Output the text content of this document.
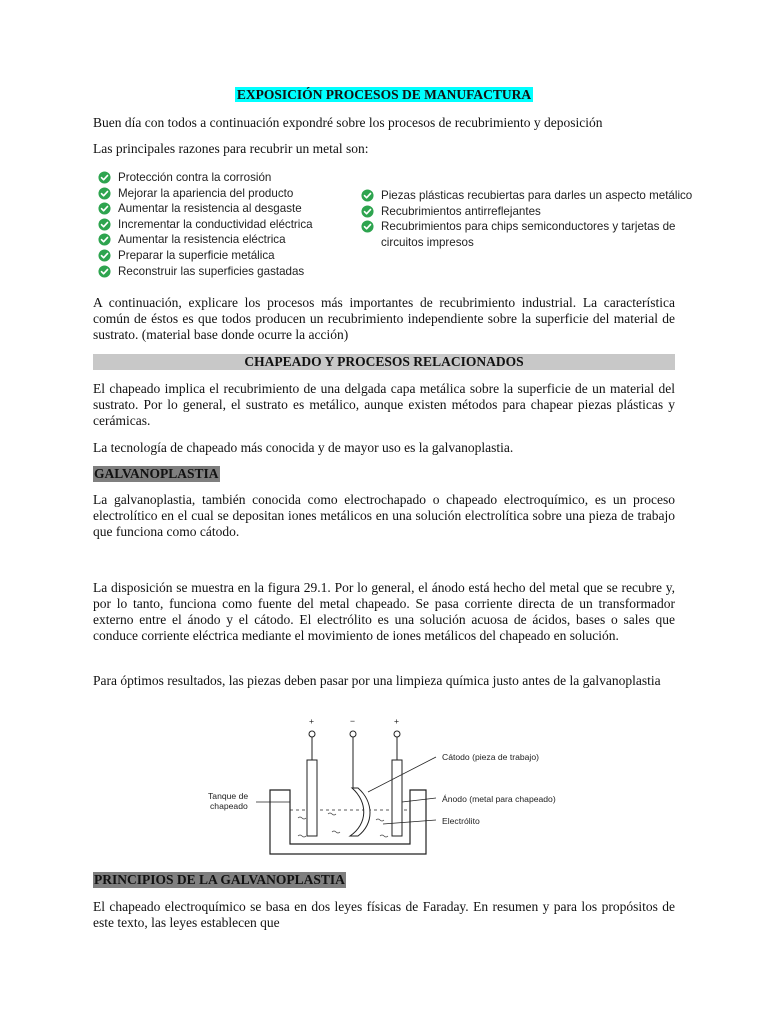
EXPOSICIÓN PROCESOS DE MANUFACTURA

Buen día con todos a continuación expondré sobre los procesos de recubrimiento y deposición

Las principales razones para recubrir un metal son:

Protección contra la corrosión
Mejorar la apariencia del producto
Aumentar la resistencia al desgaste
Incrementar la conductividad eléctrica
Aumentar la resistencia eléctrica
Preparar la superficie metálica
Reconstruir las superficies gastadas
Piezas plásticas recubiertas para darles un aspecto metálico
Recubrimientos antirreflejantes
Recubrimientos para chips semiconductores y tarjetas de circuitos impresos

A continuación, explicare los procesos más importantes de recubrimiento industrial. La característica común de éstos es que todos producen un recubrimiento independiente sobre la superficie del material de sustrato. (material base donde ocurre la acción)

CHAPEADO Y PROCESOS RELACIONADOS

El chapeado implica el recubrimiento de una delgada capa metálica sobre la superficie de un material del sustrato. Por lo general, el sustrato es metálico, aunque existen métodos para chapear piezas plásticas y cerámicas.

La tecnología de chapeado más conocida y de mayor uso es la galvanoplastia.

GALVANOPLASTIA

La galvanoplastia, también conocida como electrochapado o chapeado electroquímico, es un proceso electrolítico en el cual se depositan iones metálicos en una solución electrolítica sobre una pieza de trabajo que funciona como cátodo.

La disposición se muestra en la figura 29.1. Por lo general, el ánodo está hecho del metal que se recubre y, por lo tanto, funciona como fuente del metal chapeado. Se pasa corriente directa de un transformador externo entre el ánodo y el cátodo. El electrólito es una solución acuosa de ácidos, bases o sales que conduce corriente eléctrica mediante el movimiento de iones metálicos del chapeado en solución.

Para óptimos resultados, las piezas deben pasar por una limpieza química justo antes de la galvanoplastia

+	−	+
Tanque de
chapeado
Cátodo (pieza de trabajo)
Ánodo (metal para chapeado)
Electrólito
PRINCIPIOS DE LA GALVANOPLASTIA

El chapeado electroquímico se basa en dos leyes físicas de Faraday. En resumen y para los propósitos de este texto, las leyes establecen que
